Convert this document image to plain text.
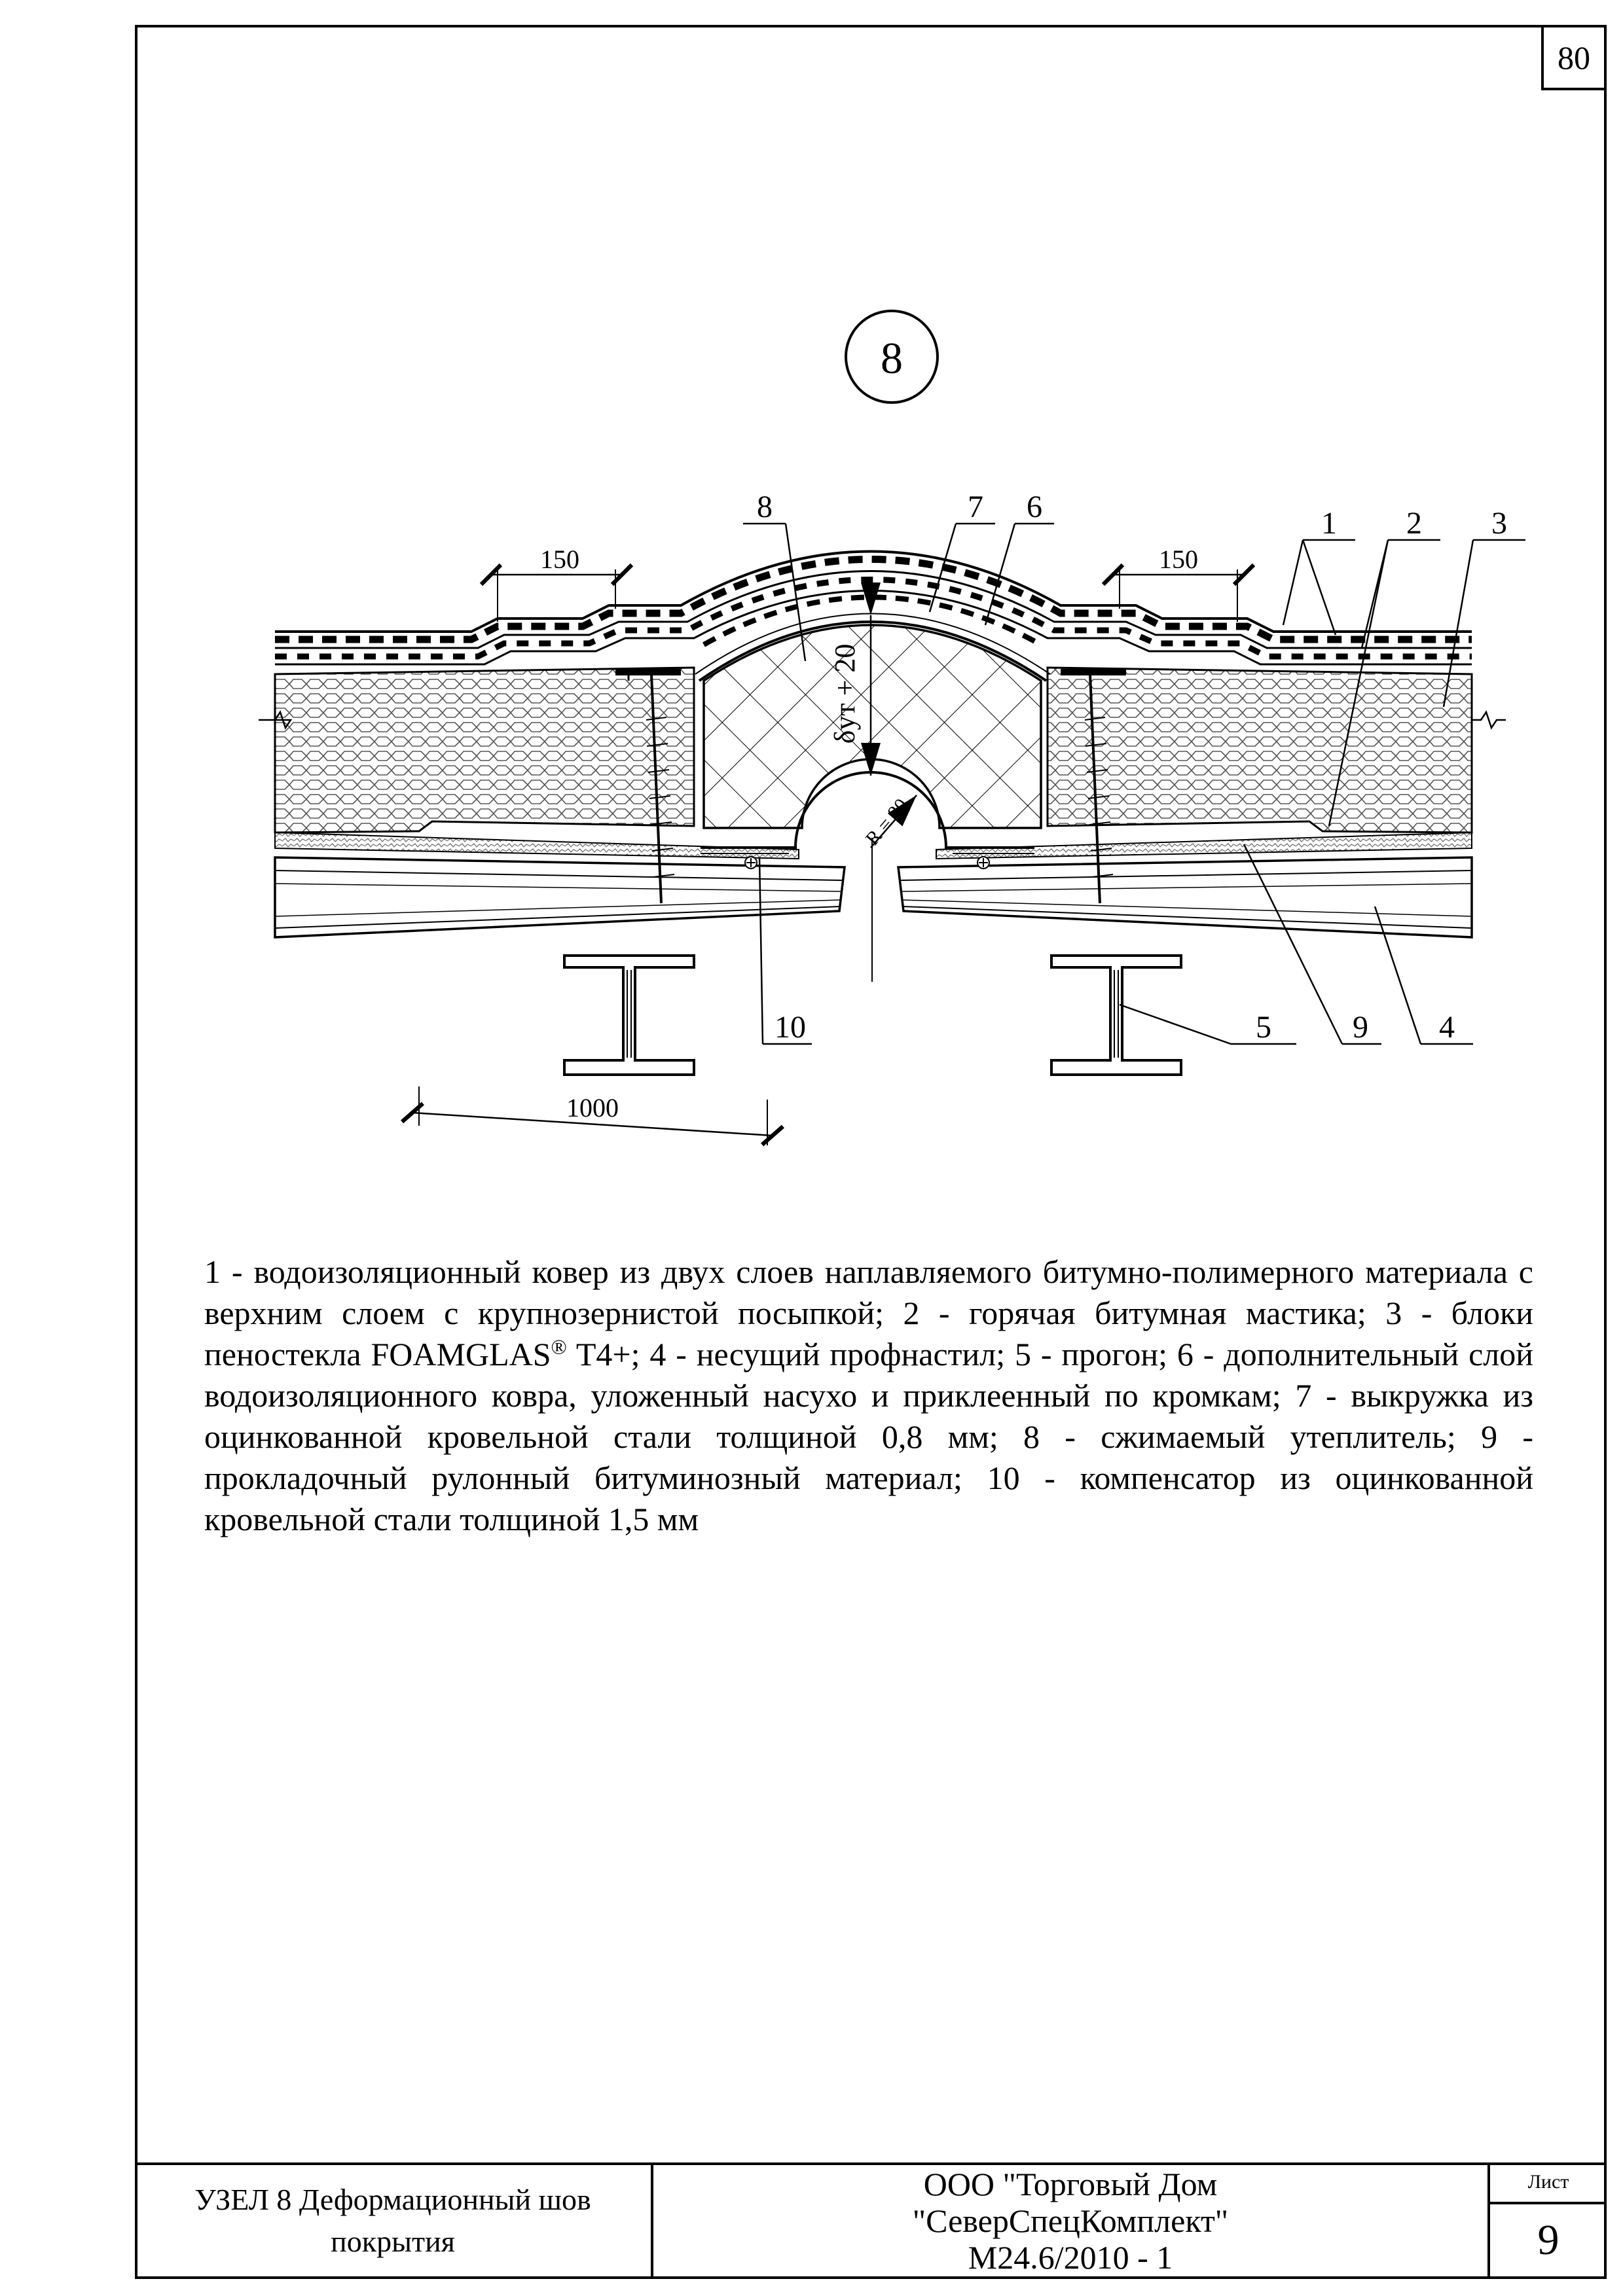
80
8
150	150
1000
δут + 20
R = 80
8	7 6	1 2 3
10	5	9 4
1 - водоизоляционный ковер из двух слоев наплавляемого битумно-полимерного материала с верхним слоем с крупнозернистой посыпкой; 2 - горячая битумная мастика; 3 - блоки пеностекла FOAMGLAS® T4+; 4 - несущий профнастил; 5 - прогон; 6 - дополнительный слой водоизоляционного ковра, уложенный насухо и приклеенный по кромкам; 7 - выкружка из оцинкованной кровельной стали толщиной 0,8 мм; 8 - сжимаемый утеплитель; 9 - прокладочный рулонный битуминозный материал; 10 - компенсатор из оцинкованной кровельной стали толщиной 1,5 мм
УЗЕЛ 8 Деформационный шов
покрытия
ООО "Торговый Дом
"СеверСпецКомплект"
М24.6/2010 - 1
Лист
9
